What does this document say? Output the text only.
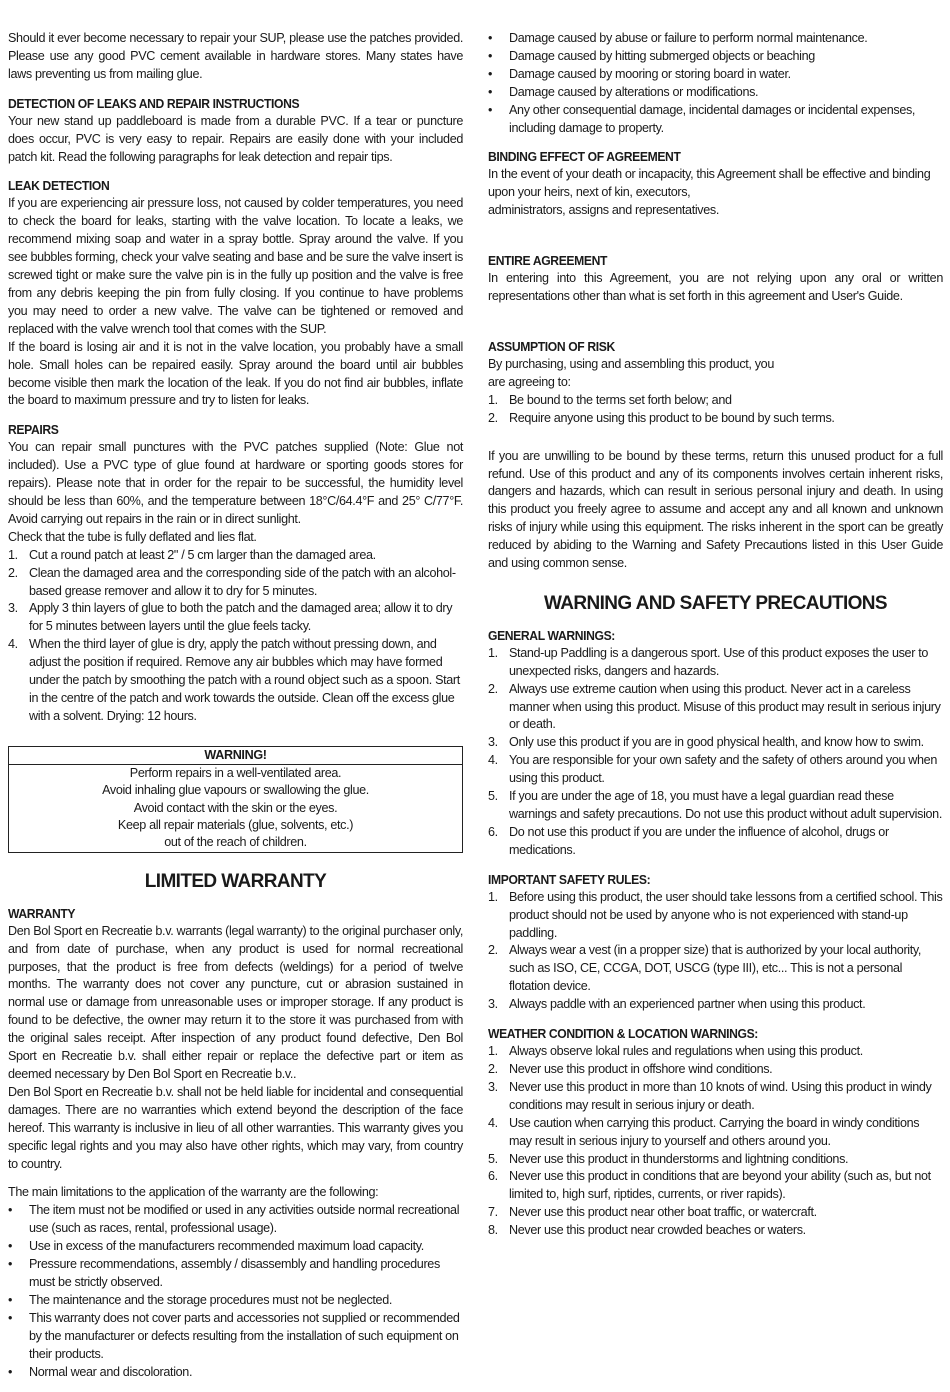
Should it ever become necessary to repair your SUP, please use the patches provided. Please use any good PVC cement available in hardware stores. Many states have laws preventing us from mailing glue.

DETECTION OF LEAKS AND REPAIR INSTRUCTIONS

Your new stand up paddleboard is made from a durable PVC. If a tear or puncture does occur, PVC is very easy to repair. Repairs are easily done with your included patch kit. Read the following paragraphs for leak detection and repair tips.

LEAK DETECTION

If you are experiencing air pressure loss, not caused by colder temperatures, you need to check the board for leaks, starting with the valve location. To locate a leaks, we recommend mixing soap and water in a spray bottle. Spray around the valve. If you see bubbles forming, check your valve seating and base and be sure the valve insert is screwed tight or make sure the valve pin is in the fully up position and the valve is free from any debris keeping the pin from fully closing. If you continue to have problems you may need to order a new valve. The valve can be tightened or removed and replaced with the valve wrench tool that comes with the SUP.

If the board is losing air and it is not in the valve location, you probably have a small hole. Small holes can be repaired easily. Spray around the board until air bubbles become visible then mark the location of the leak. If you do not find air bubbles, inflate the board to maximum pressure and try to listen for leaks.

REPAIRS

You can repair small punctures with the PVC patches supplied (Note: Glue not included). Use a PVC type of glue found at hardware or sporting goods stores for repairs). Please note that in order for the repair to be successful, the humidity level should be less than 60%, and the temperature between 18°C/64.4°F and 25° C/77°F. Avoid carrying out repairs in the rain or in direct sunlight.

Check that the tube is fully deflated and lies flat.

1. Cut a round patch at least 2" / 5 cm larger than the damaged area.
2. Clean the damaged area and the corresponding side of the patch with an alcohol-based grease remover and allow it to dry for 5 minutes.
3. Apply 3 thin layers of glue to both the patch and the damaged area; allow it to dry for 5 minutes between layers until the glue feels tacky.
4. When the third layer of glue is dry, apply the patch without pressing down, and adjust the position if required. Remove any air bubbles which may have formed under the patch by smoothing the patch with a round object such as a spoon. Start in the centre of the patch and work towards the outside. Clean off the excess glue with a solvent. Drying: 12 hours.
WARNING!
Perform repairs in a well-ventilated area.
Avoid inhaling glue vapours or swallowing the glue.
Avoid contact with the skin or the eyes.
Keep all repair materials (glue, solvents, etc.)
out of the reach of children.

LIMITED WARRANTY

WARRANTY

Den Bol Sport en Recreatie b.v. warrants (legal warranty) to the original purchaser only, and from date of purchase, when any product is used for normal recreational purposes, that the product is free from defects (weldings) for a period of twelve months. The warranty does not cover any puncture, cut or abrasion sustained in normal use or damage from unreasonable uses or improper storage. If any product is found to be defective, the owner may return it to the store it was purchased from with the original sales receipt. After inspection of any product found defective, Den Bol Sport en Recreatie b.v. shall either repair or replace the defective part or item as deemed necessary by Den Bol Sport en Recreatie b.v..

Den Bol Sport en Recreatie b.v. shall not be held liable for incidental and consequential damages. There are no warranties which extend beyond the description of the face hereof. This warranty is inclusive in lieu of all other warranties. This warranty gives you specific legal rights and you may also have other rights, which may vary, from country to country.

The main limitations to the application of the warranty are the following:

• The item must not be modified or used in any activities outside normal recreational use (such as races, rental, professional usage).
• Use in excess of the manufacturers recommended maximum load capacity.
• Pressure recommendations, assembly / disassembly and handling procedures must be strictly observed.
• The maintenance and the storage procedures must not be neglected.
• This warranty does not cover parts and accessories not supplied or recommended by the manufacturer or defects resulting from the installation of such equipment on their products.
• Normal wear and discoloration.
• Damage caused by abuse or failure to perform normal maintenance.
• Damage caused by hitting submerged objects or beaching
• Damage caused by mooring or storing board in water.
• Damage caused by alterations or modifications.
• Any other consequential damage, incidental damages or incidental expenses, including damage to property.
BINDING EFFECT OF AGREEMENT

In the event of your death or incapacity, this Agreement shall be effective and binding upon your heirs, next of kin, executors,

administrators, assigns and representatives.

ENTIRE AGREEMENT

In entering into this Agreement, you are not relying upon any oral or written representations other than what is set forth in this agreement and User's Guide.

ASSUMPTION OF RISK

By purchasing, using and assembling this product, you

are agreeing to:

1. Be bound to the terms set forth below; and
2. Require anyone using this product to be bound by such terms.

If you are unwilling to be bound by these terms, return this unused product for a full refund. Use of this product and any of its components involves certain inherent risks, dangers and hazards, which can result in serious personal injury and death. In using this product you freely agree to assume and accept any and all known and unknown risks of injury while using this equipment. The risks inherent in the sport can be greatly reduced by abiding to the Warning and Safety Precautions listed in this User Guide and using common sense.

WARNING AND SAFETY PRECAUTIONS

GENERAL WARNINGS:
1. Stand-up Paddling is a dangerous sport. Use of this product exposes the user to unexpected risks, dangers and hazards.
2. Always use extreme caution when using this product. Never act in a careless manner when using this product. Misuse of this product may result in serious injury or death.
3. Only use this product if you are in good physical health, and know how to swim.
4. You are responsible for your own safety and the safety of others around you when using this product.
5. If you are under the age of 18, you must have a legal guardian read these warnings and safety precautions. Do not use this product without adult supervision.
6. Do not use this product if you are under the influence of alcohol, drugs or medications.
IMPORTANT SAFETY RULES:
1. Before using this product, the user should take lessons from a certified school. This product should not be used by anyone who is not experienced with stand-up paddling.
2. Always wear a vest (in a propper size) that is authorized by your local authority, such as ISO, CE, CCGA, DOT, USCG (type III), etc... This is not a personal flotation device.
3. Always paddle with an experienced partner when using this product.
WEATHER CONDITION & LOCATION WARNINGS:
1. Always observe lokal rules and regulations when using this product.
2. Never use this product in offshore wind conditions.
3. Never use this product in more than 10 knots of wind. Using this product in windy conditions may result in serious injury or death.
4. Use caution when carrying this product. Carrying the board in windy conditions may result in serious injury to yourself and others around you.
5. Never use this product in thunderstorms and lightning conditions.
6. Never use this product in conditions that are beyond your ability (such as, but not limited to, high surf, riptides, currents, or river rapids).
7. Never use this product near other boat traffic, or watercraft.
8. Never use this product near crowded beaches or waters.
